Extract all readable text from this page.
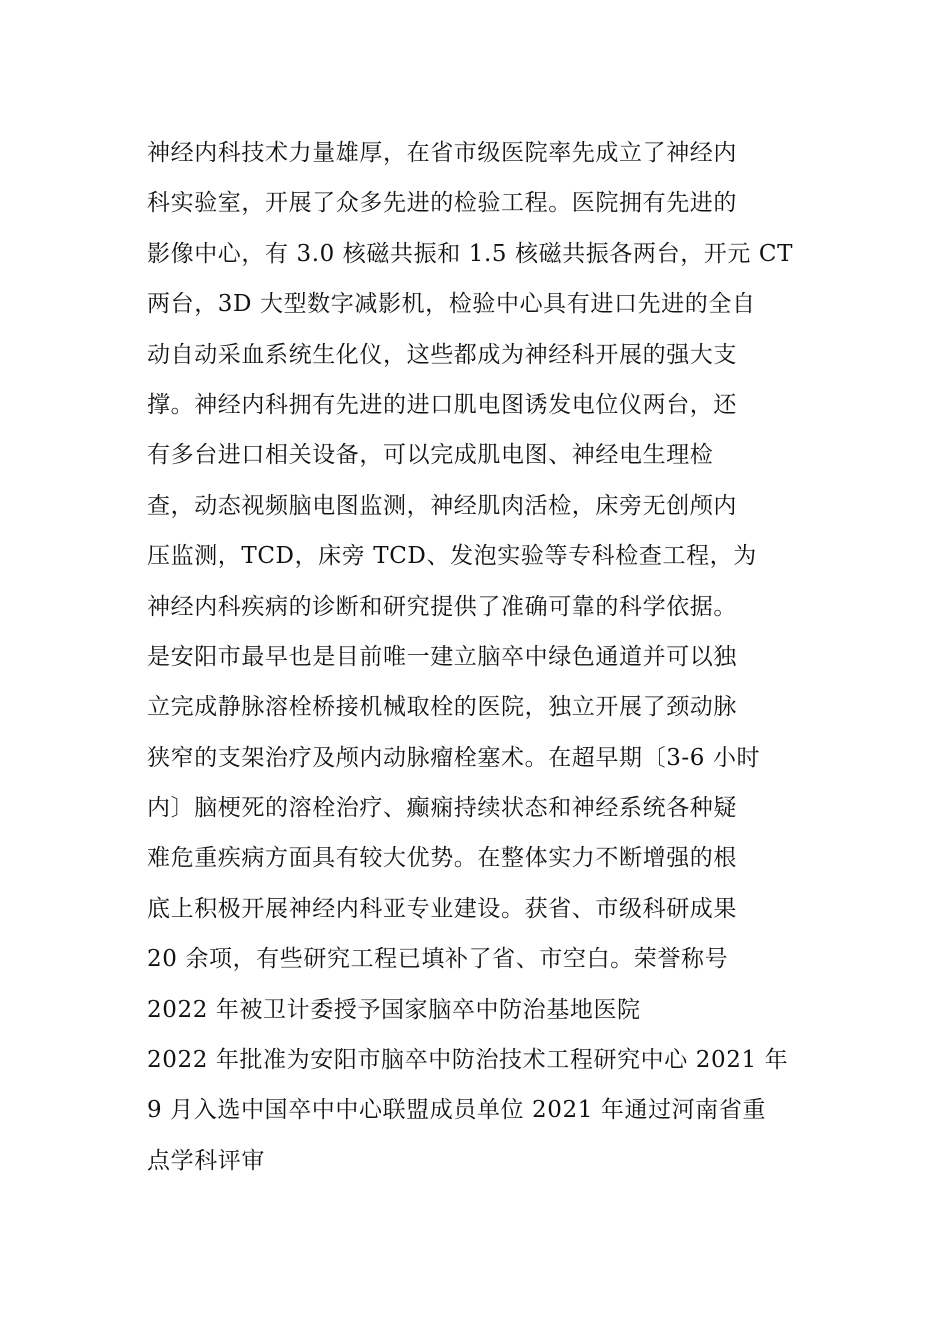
神经内科技术力量雄厚，在省市级医院率先成立了神经内
科实验室，开展了众多先进的检验工程。医院拥有先进的
影像中心，有 3.0 核磁共振和 1.5 核磁共振各两台，开元 CT
两台，3D 大型数字减影机，检验中心具有进口先进的全自
动自动采血系统生化仪，这些都成为神经科开展的强大支
撑。神经内科拥有先进的进口肌电图诱发电位仪两台，还
有多台进口相关设备，可以完成肌电图、神经电生理检
查，动态视频脑电图监测，神经肌肉活检，床旁无创颅内
压监测，TCD，床旁 TCD、发泡实验等专科检查工程，为
神经内科疾病的诊断和研究提供了准确可靠的科学依据。
是安阳市最早也是目前唯一建立脑卒中绿色通道并可以独
立完成静脉溶栓桥接机械取栓的医院，独立开展了颈动脉
狭窄的支架治疗及颅内动脉瘤栓塞术。在超早期〔3-6 小时
内〕脑梗死的溶栓治疗、癫痫持续状态和神经系统各种疑
难危重疾病方面具有较大优势。在整体实力不断增强的根
底上积极开展神经内科亚专业建设。获省、市级科研成果
20 余项，有些研究工程已填补了省、市空白。荣誉称号
2022 年被卫计委授予国家脑卒中防治基地医院
2022 年批准为安阳市脑卒中防治技术工程研究中心 2021 年
9 月入选中国卒中中心联盟成员单位 2021 年通过河南省重
点学科评审
